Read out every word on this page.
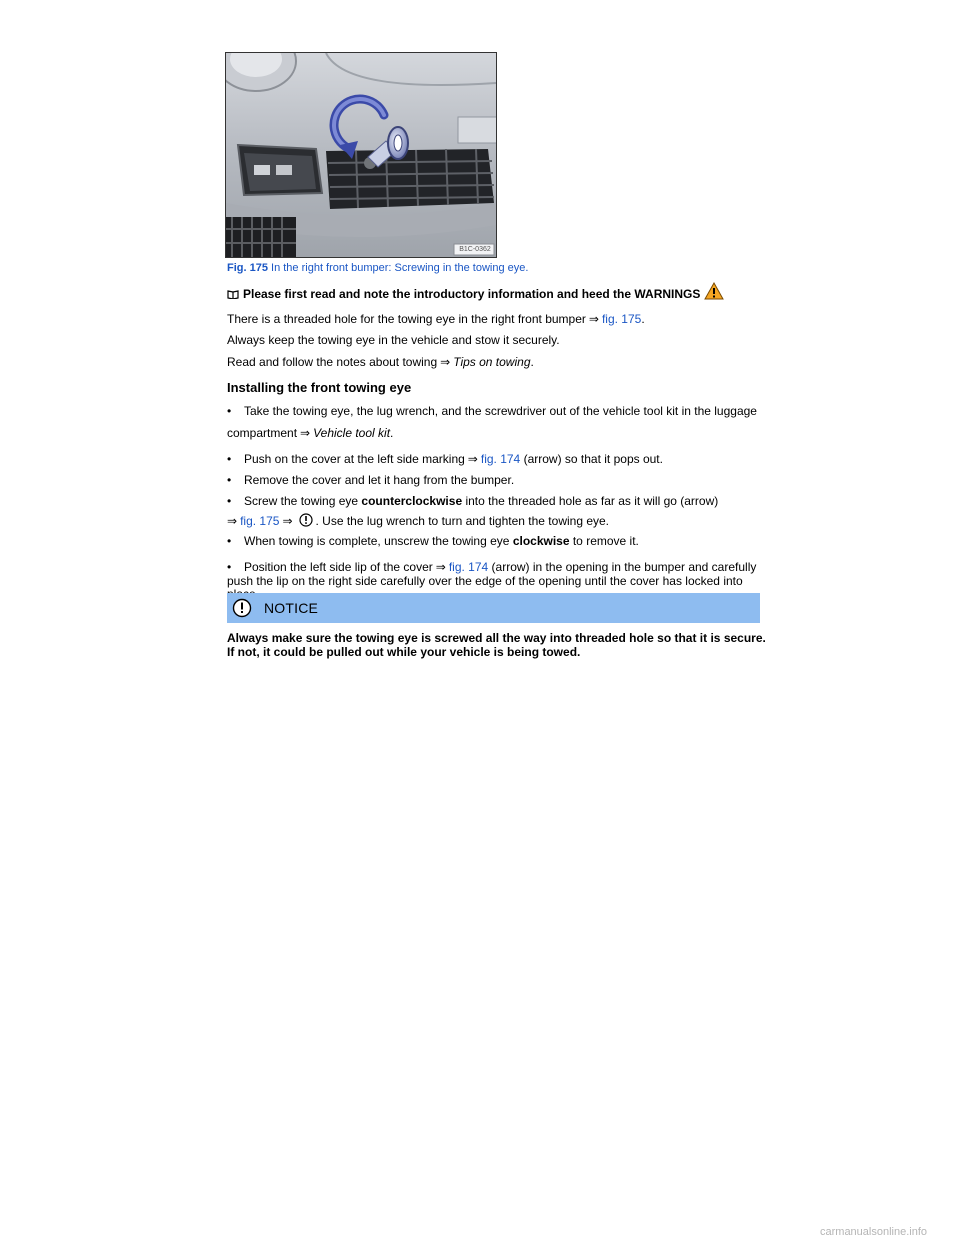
B1C-0362
Fig. 175 In the right front bumper: Screwing in the towing eye.
Please first read and note the introductory information and heed the WARNINGS
There is a threaded hole for the towing eye in the right front bumper ⇒ fig. 175.
Always keep the towing eye in the vehicle and stow it securely.
Read and follow the notes about towing ⇒ Tips on towing.
Installing the front towing eye
• Take the towing eye, the lug wrench, and the screwdriver out of the vehicle tool kit in the luggage
compartment ⇒ Vehicle tool kit.
• Push on the cover at the left side marking ⇒ fig. 174 (arrow) so that it pops out.
• Remove the cover and let it hang from the bumper.
• Screw the towing eye counterclockwise into the threaded hole as far as it will go (arrow)
⇒ fig. 175 ⇒ . Use the lug wrench to turn and tighten the towing eye.
• When towing is complete, unscrew the towing eye clockwise to remove it.
• Position the left side lip of the cover ⇒ fig. 174 (arrow) in the opening in the bumper and carefully
push the lip on the right side carefully over the edge of the opening until the cover has locked into
NOTICE
Always make sure the towing eye is screwed all the way into threaded hole so that it is secure.
If not, it could be pulled out while your vehicle is being towed.
carmanualsonline.info
